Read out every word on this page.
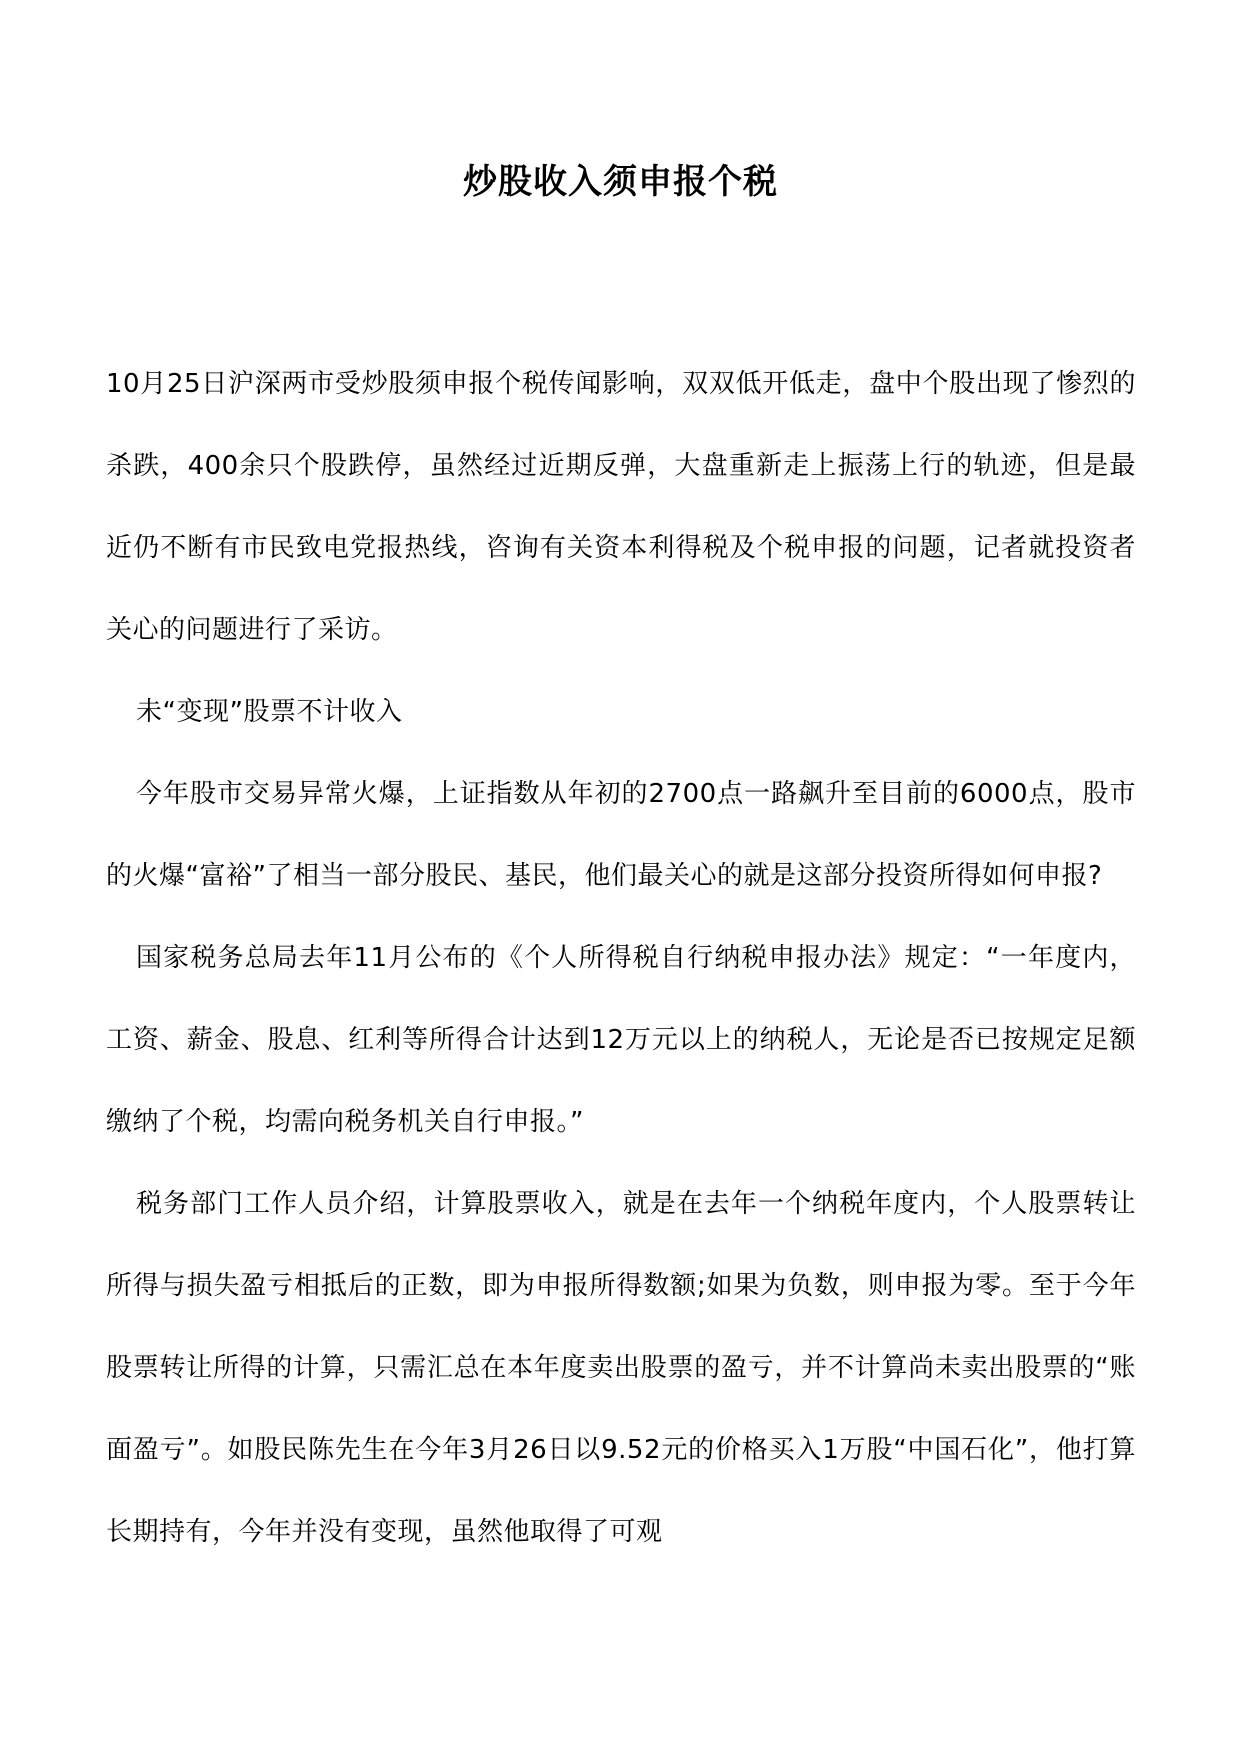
炒股收入须申报个税

10月25日沪深两市受炒股须申报个税传闻影响，双双低开低走，盘中个股出现了惨烈的杀跌，400余只个股跌停，虽然经过近期反弹，大盘重新走上振荡上行的轨迹，但是最近仍不断有市民致电党报热线，咨询有关资本利得税及个税申报的问题，记者就投资者关心的问题进行了采访。

未“变现”股票不计收入

今年股市交易异常火爆，上证指数从年初的2700点一路飙升至目前的6000点，股市的火爆“富裕”了相当一部分股民、基民，他们最关心的就是这部分投资所得如何申报?

国家税务总局去年11月公布的《个人所得税自行纳税申报办法》规定：“一年度内，工资、薪金、股息、红利等所得合计达到12万元以上的纳税人，无论是否已按规定足额缴纳了个税，均需向税务机关自行申报。”

税务部门工作人员介绍，计算股票收入，就是在去年一个纳税年度内，个人股票转让所得与损失盈亏相抵后的正数，即为申报所得数额;如果为负数，则申报为零。至于今年股票转让所得的计算，只需汇总在本年度卖出股票的盈亏，并不计算尚未卖出股票的“账面盈亏”。如股民陈先生在今年3月26日以9.52元的价格买入1万股“中国石化”，他打算长期持有，今年并没有变现，虽然他取得了可观
